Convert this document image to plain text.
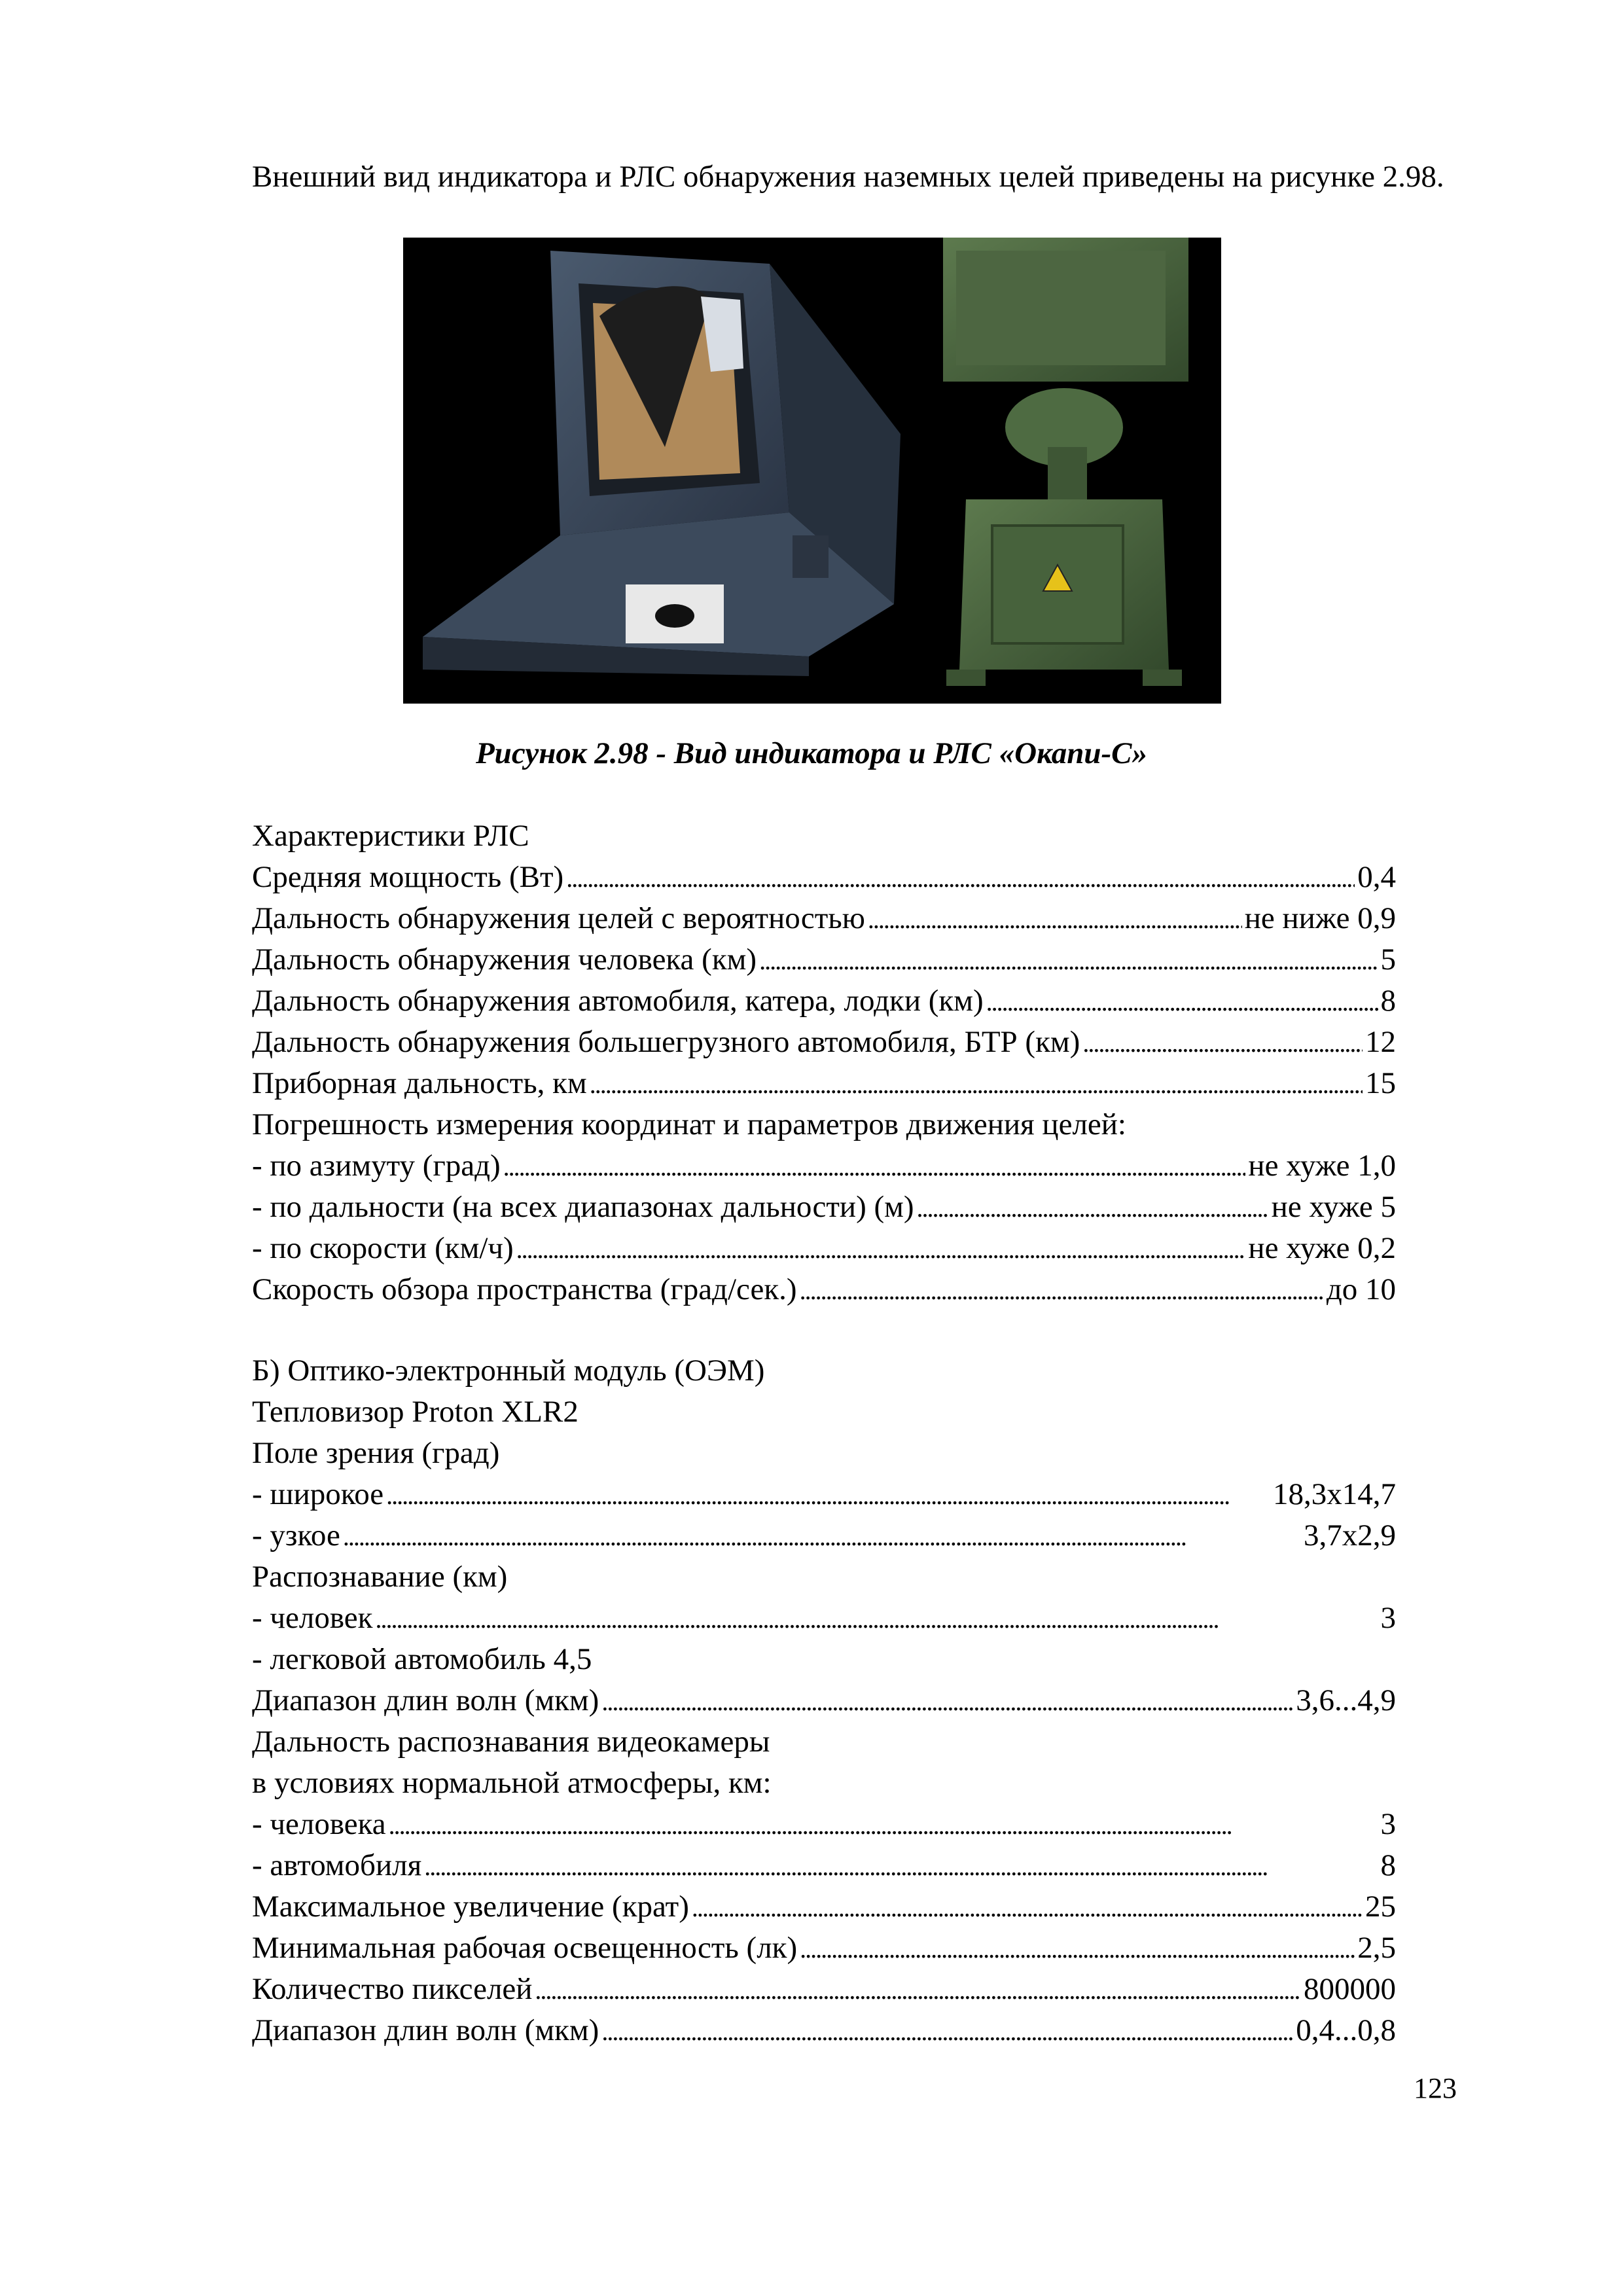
Внешний вид индикатора и РЛС обнаружения наземных целей приведены на рисунке 2.98.
Рисунок 2.98 - Вид индикатора и РЛС «Окапи-С»
Характеристики РЛС
Средняя мощность (Вт) . . .	0,4
Дальность обнаружения целей с вероятностью . . .	не ниже 0,9
Дальность обнаружения человека (км) . . .	5
Дальность обнаружения автомобиля, катера, лодки (км) . . .	8
Дальность обнаружения большегрузного автомобиля, БТР (км) . . .	12
Приборная дальность, км . . .	15
Погрешность измерения координат и параметров движения целей:
- по азимуту (град) . . .	не хуже 1,0
- по дальности (на всех диапазонах дальности) (м) . . .	не хуже 5
- по скорости (км/ч) . . .	не хуже 0,2
Скорость обзора пространства (град/сек.) . . .	до 10
Б) Оптико-электронный модуль (ОЭМ)
Тепловизор Proton XLR2
Поле зрения (град)
- широкое . . .	18,3x14,7
- узкое . . .	3,7x2,9
Распознавание (км)
- человек . . .	3
- легковой автомобиль 4,5
Диапазон длин волн (мкм) . . .	3,6...4,9
Дальность распознавания видеокамеры
в условиях нормальной атмосферы, км:
- человека . . .	3
- автомобиля . . .	8
Максимальное увеличение (крат) . . .	25
Минимальная рабочая освещенность (лк) . . .	2,5
Количество пикселей . . .	800000
Диапазон длин волн (мкм) . . .	0,4...0,8
123
